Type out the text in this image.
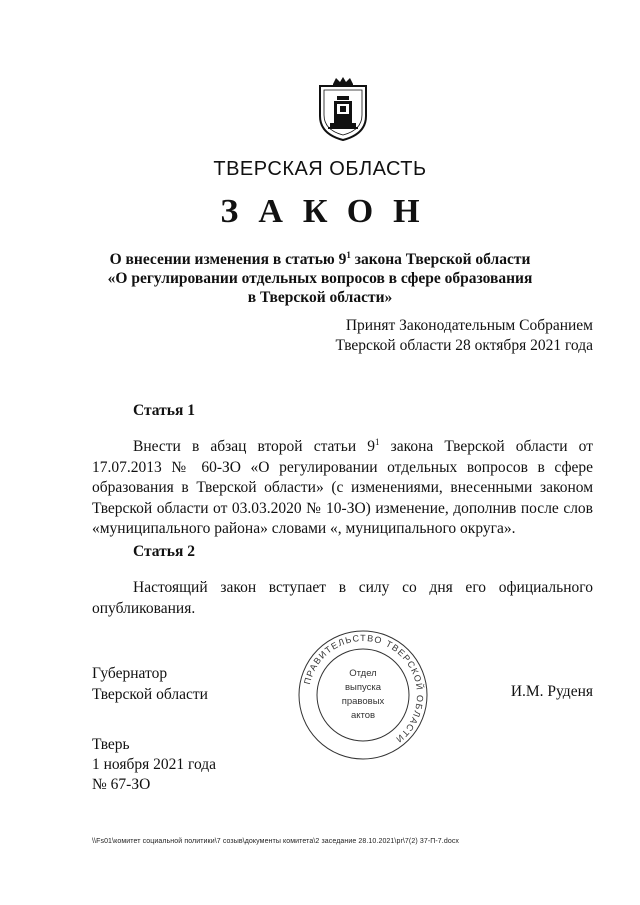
ТВЕРСКАЯ ОБЛАСТЬ
ЗАКОН
О внесении изменения в статью $9^1$ закона Тверской области
«О регулировании отдельных вопросов в сфере образования
в Тверской области»
Принят Законодательным Собранием
Тверской области 28 октября 2021 года
Статья 1
Внести в абзац второй статьи $9^1$ закона Тверской области от 17.07.2013 № 60-ЗО «О регулировании отдельных вопросов в сфере образования в Тверской области» (с изменениями, внесенными законом Тверской области от 03.03.2020 № 10-ЗО) изменение, дополнив после слов «муниципального района» словами «, муниципального округа».
Статья 2
Настоящий закон вступает в силу со дня его официального опубликования.
Губернатор
Тверской области	И.М. Руденя
ПРАВИТЕЛЬСТВО ТВЕРСКОЙ ОБЛАСТИ
Отдел
выпуска
правовых
актов
Тверь
1 ноября 2021 года
№ 67-ЗО
\\Fs01\комитет социальной политики\7 созыв\документы комитета\2 заседание 28.10.2021\pr\7(2) 37-П-7.docx
